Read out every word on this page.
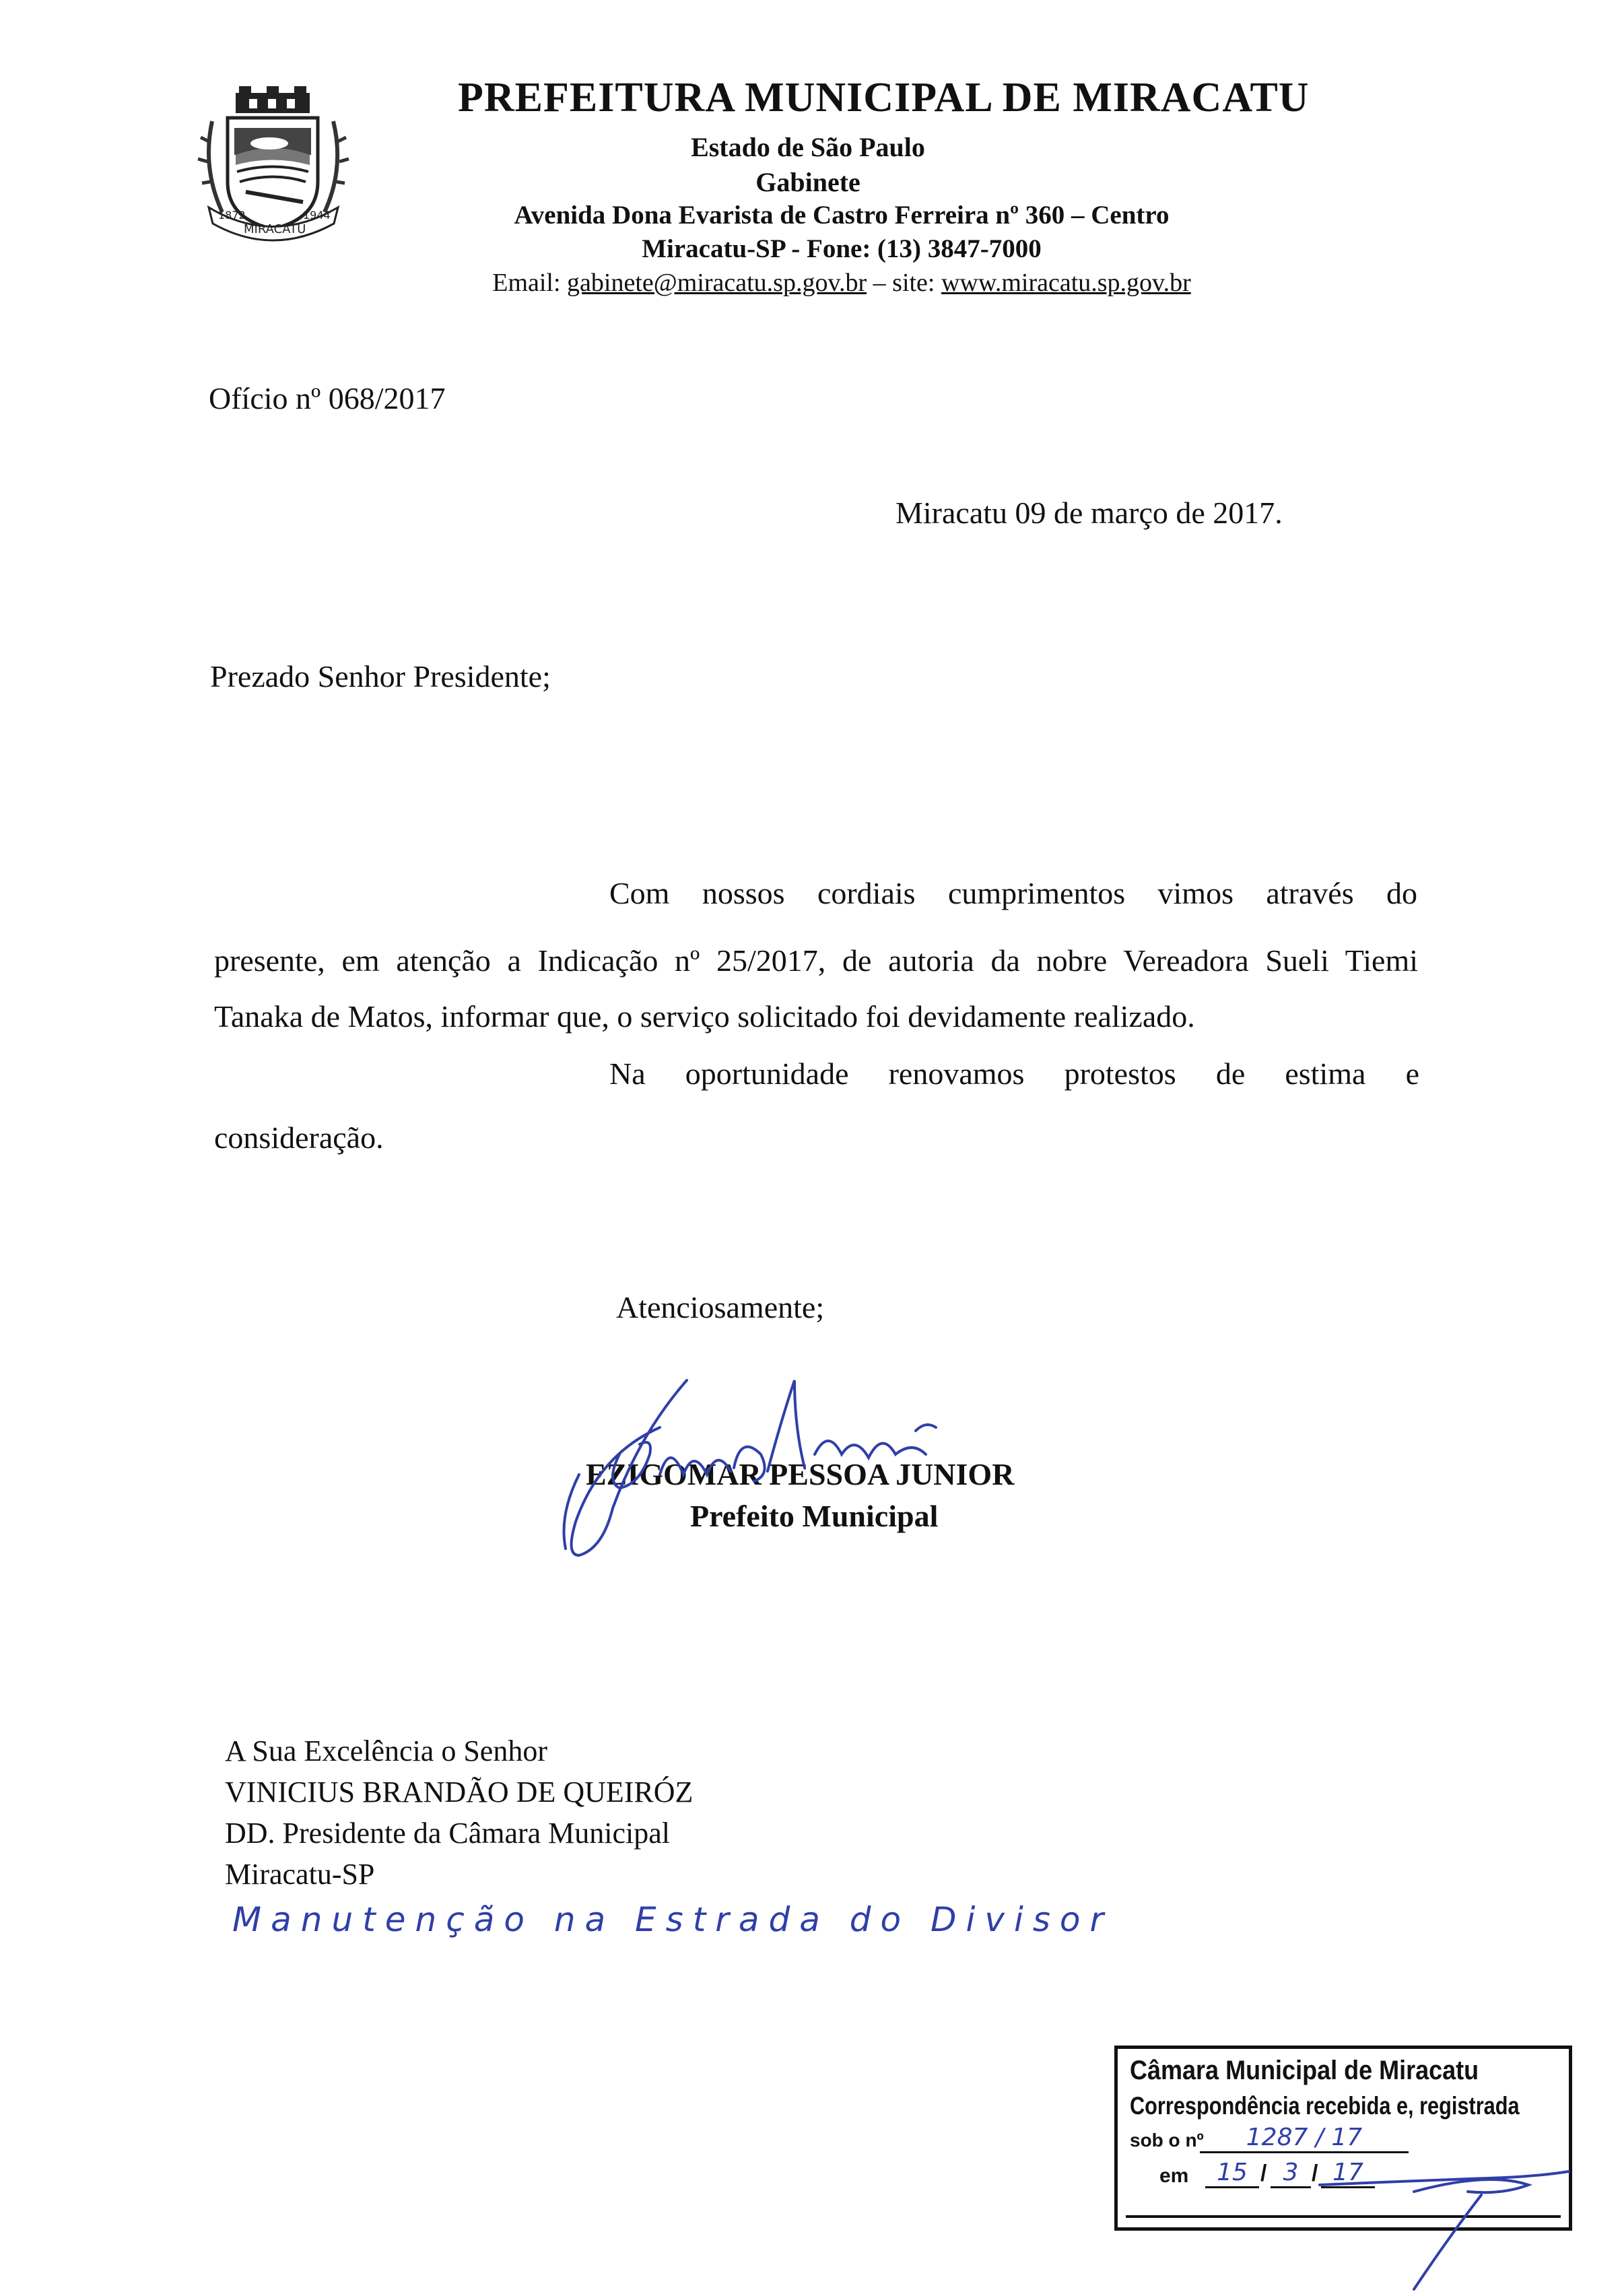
1872	1944
MIRACATU
PREFEITURA MUNICIPAL DE MIRACATU
Estado de São Paulo
Gabinete
Avenida Dona Evarista de Castro Ferreira nº 360 – Centro
Miracatu-SP - Fone: (13) 3847-7000
Email: gabinete@miracatu.sp.gov.br – site: www.miracatu.sp.gov.br
Ofício nº 068/2017
Miracatu 09 de março de 2017.
Prezado Senhor Presidente;
Com nossos cordiais cumprimentos vimos através do
presente, em atenção a Indicação nº 25/2017, de autoria da nobre Vereadora Sueli Tiemi
Tanaka de Matos, informar que, o serviço solicitado foi devidamente realizado.
Na oportunidade renovamos protestos de estima e
consideração.
Atenciosamente;
EZIGOMAR PESSOA JUNIOR
Prefeito Municipal
A Sua Excelência o Senhor
VINICIUS BRANDÃO DE QUEIRÓZ
DD. Presidente da Câmara Municipal
Miracatu-SP
Manutenção na Estrada do Divisor
Câmara Municipal de Miracatu
Correspondência recebida e, registrada
sob o nº	1287 / 17
em	15 / 3 / 17
